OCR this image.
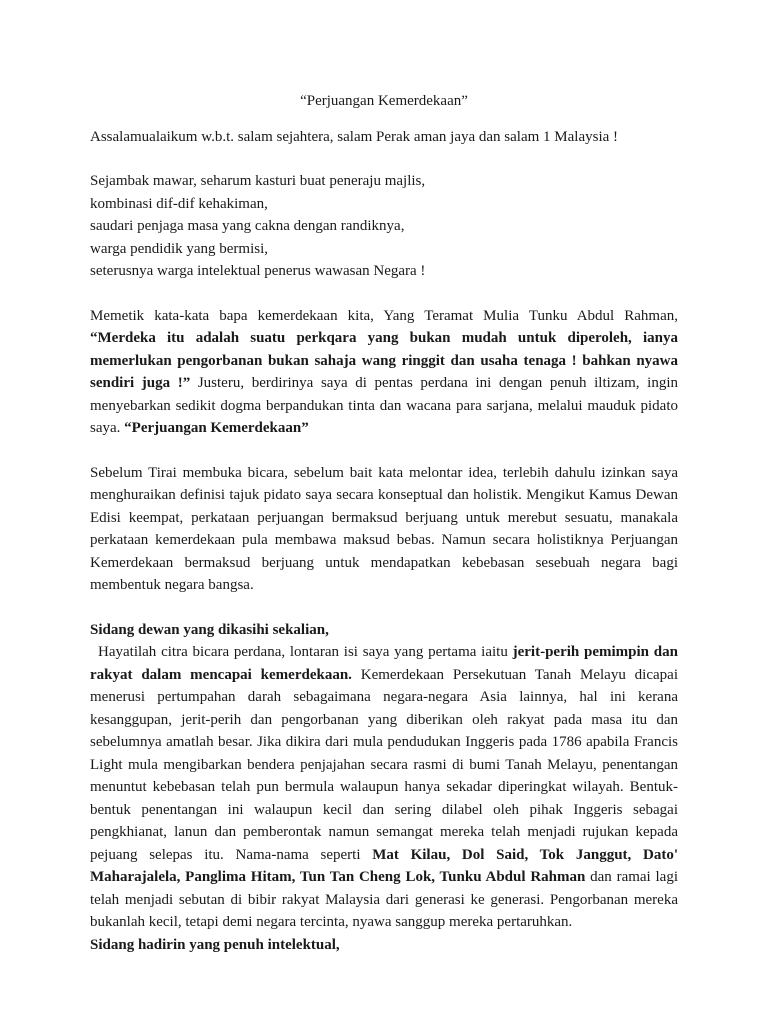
“Perjuangan Kemerdekaan”

Assalamualaikum w.b.t. salam sejahtera, salam Perak aman jaya dan salam 1 Malaysia !

Sejambak mawar, seharum kasturi buat peneraju majlis,
kombinasi dif-dif kehakiman,
saudari penjaga masa yang cakna dengan randiknya,
warga pendidik yang bermisi,
seterusnya warga intelektual penerus wawasan Negara !

Memetik kata-kata bapa kemerdekaan kita, Yang Teramat Mulia Tunku Abdul Rahman, “Merdeka itu adalah suatu perkqara yang bukan mudah untuk diperoleh, ianya memerlukan pengorbanan bukan sahaja wang ringgit dan usaha tenaga ! bahkan nyawa sendiri juga !” Justeru, berdirinya saya di pentas perdana ini dengan penuh iltizam, ingin menyebarkan sedikit dogma berpandukan tinta dan wacana para sarjana, melalui mauduk pidato saya. “Perjuangan Kemerdekaan”

Sebelum Tirai membuka bicara, sebelum bait kata melontar idea, terlebih dahulu izinkan saya menghuraikan definisi tajuk pidato saya secara konseptual dan holistik. Mengikut Kamus Dewan Edisi keempat, perkataan perjuangan bermaksud berjuang untuk merebut sesuatu, manakala perkataan kemerdekaan pula membawa maksud bebas. Namun secara holistiknya Perjuangan Kemerdekaan bermaksud berjuang untuk mendapatkan kebebasan sesebuah negara bagi membentuk negara bangsa.

Sidang dewan yang dikasihi sekalian,

Hayatilah citra bicara perdana, lontaran isi saya yang pertama iaitu jerit-perih pemimpin dan rakyat dalam mencapai kemerdekaan. Kemerdekaan Persekutuan Tanah Melayu dicapai menerusi pertumpahan darah sebagaimana negara-negara Asia lainnya, hal ini kerana kesanggupan, jerit-perih dan pengorbanan yang diberikan oleh rakyat pada masa itu dan sebelumnya amatlah besar. Jika dikira dari mula pendudukan Inggeris pada 1786 apabila Francis Light mula mengibarkan bendera penjajahan secara rasmi di bumi Tanah Melayu, penentangan menuntut kebebasan telah pun bermula walaupun hanya sekadar diperingkat wilayah. Bentuk-bentuk penentangan ini walaupun kecil dan sering dilabel oleh pihak Inggeris sebagai pengkhianat, lanun dan pemberontak namun semangat mereka telah menjadi rujukan kepada pejuang selepas itu. Nama-nama seperti Mat Kilau, Dol Said, Tok Janggut, Dato' Maharajalela, Panglima Hitam, Tun Tan Cheng Lok, Tunku Abdul Rahman dan ramai lagi telah menjadi sebutan di bibir rakyat Malaysia dari generasi ke generasi. Pengorbanan mereka bukanlah kecil, tetapi demi negara tercinta, nyawa sanggup mereka pertaruhkan.

Sidang hadirin yang penuh intelektual,
